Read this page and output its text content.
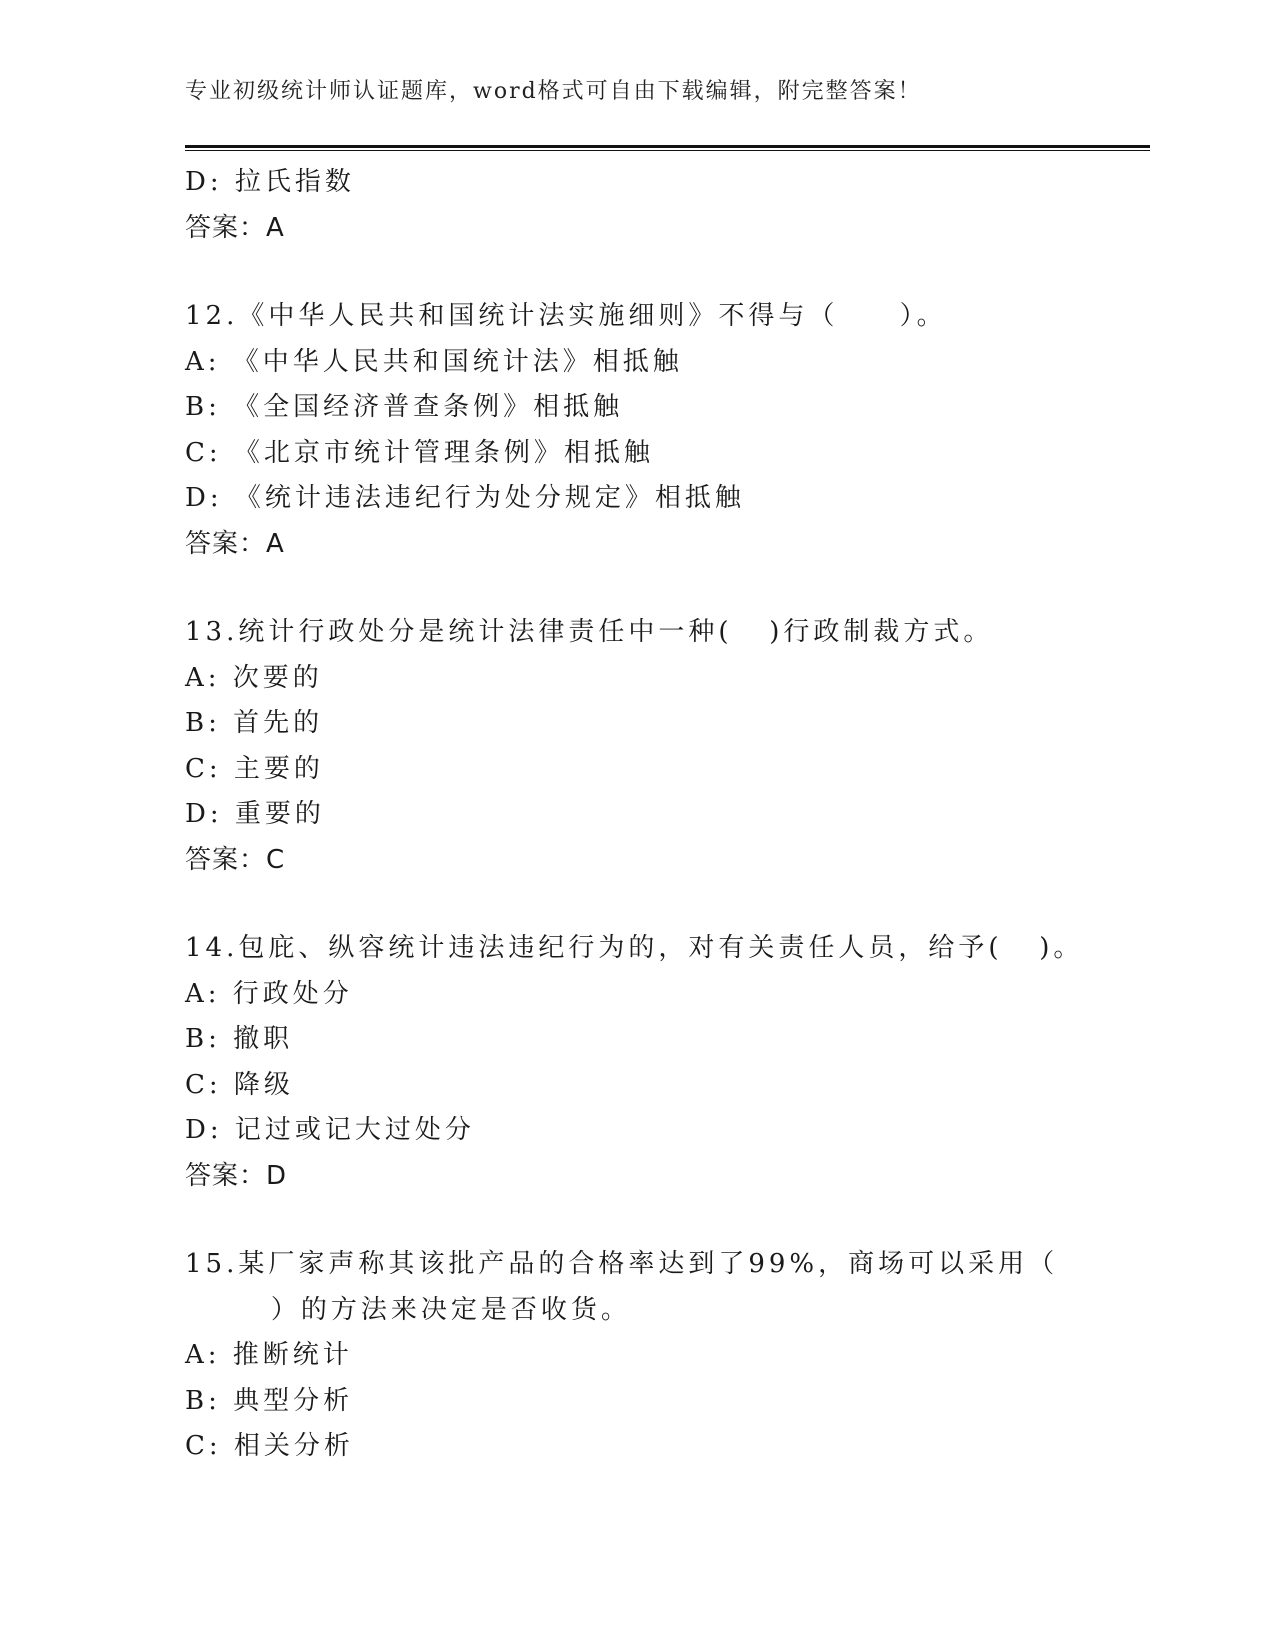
专业初级统计师认证题库，word格式可自由下载编辑，附完整答案！
D: 拉氏指数
答案：A
12.《中华人民共和国统计法实施细则》不得与（     ）。
A: 《中华人民共和国统计法》相抵触
B: 《全国经济普查条例》相抵触
C: 《北京市统计管理条例》相抵触
D: 《统计违法违纪行为处分规定》相抵触
答案：A
13.统计行政处分是统计法律责任中一种(   )行政制裁方式。
A: 次要的
B: 首先的
C: 主要的
D: 重要的
答案：C
14.包庇、纵容统计违法违纪行为的，对有关责任人员，给予(   )。
A: 行政处分
B: 撤职
C: 降级
D: 记过或记大过处分
答案：D
15.某厂家声称其该批产品的合格率达到了99%，商场可以采用（
）的方法来决定是否收货。
A: 推断统计
B: 典型分析
C: 相关分析
